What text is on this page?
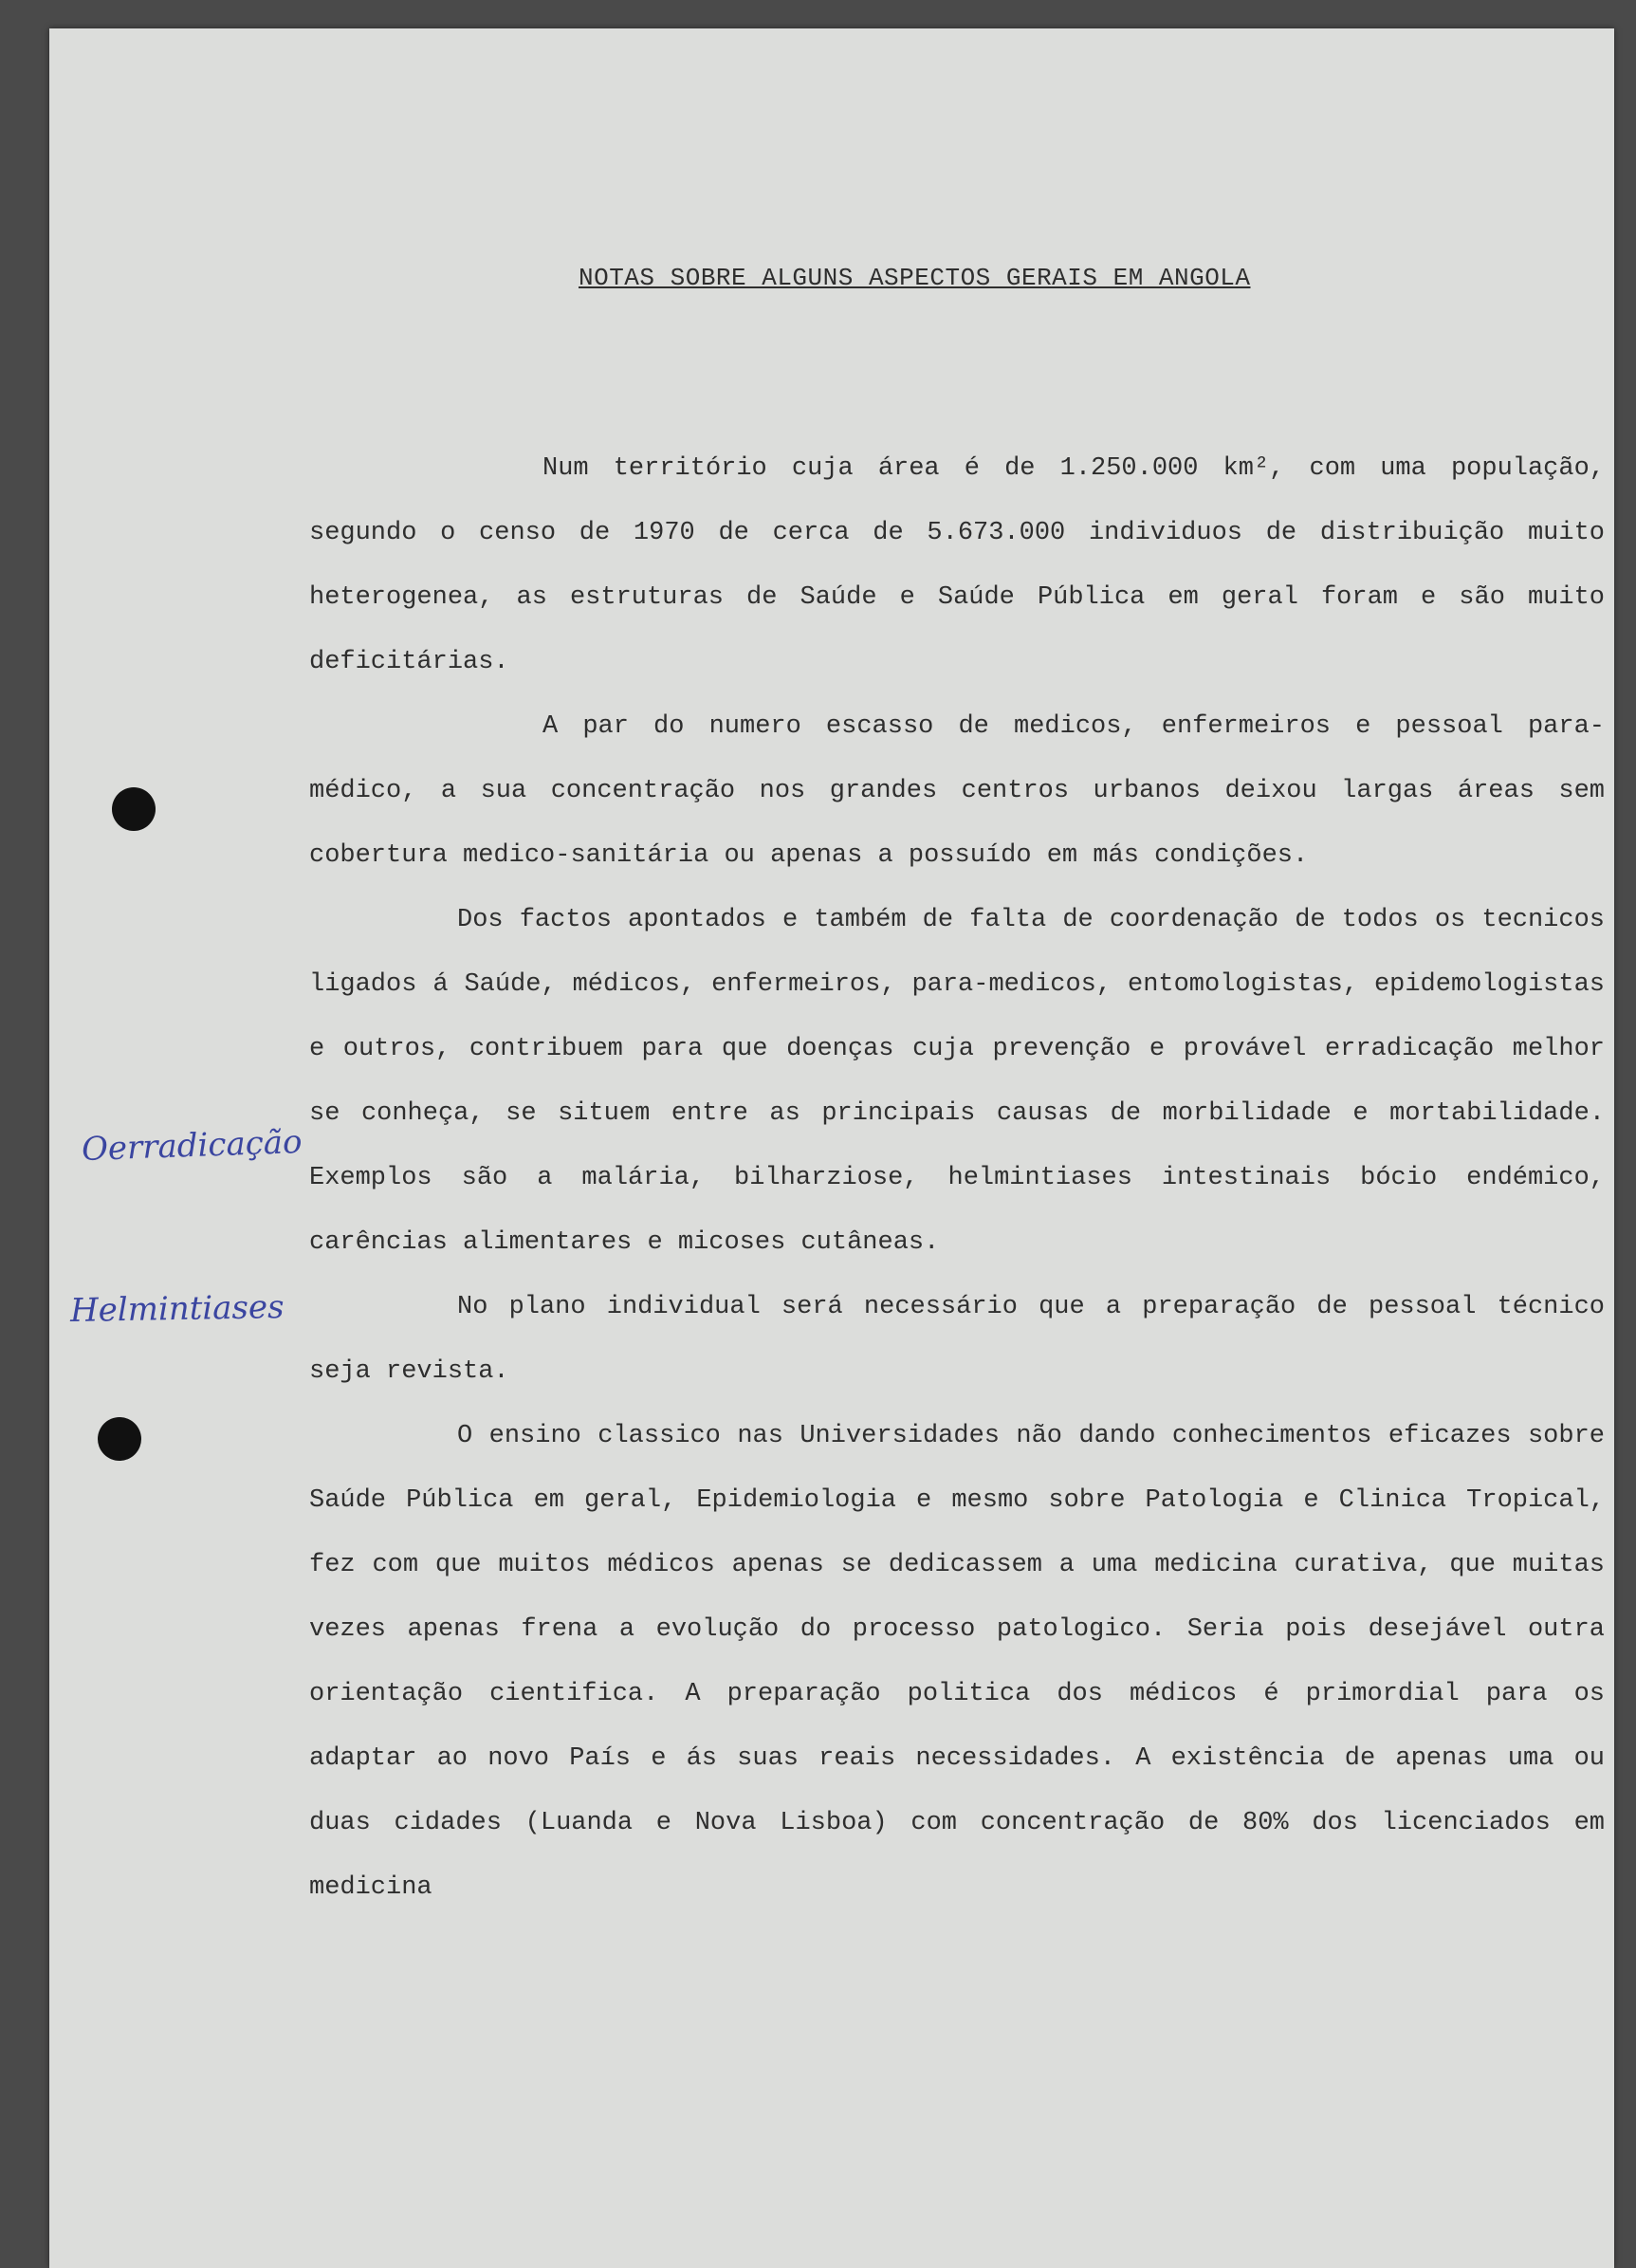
NOTAS SOBRE ALGUNS ASPECTOS GERAIS EM ANGOLA
Oerradicação
Helmintiases

Num território cuja área é de 1.250.000 km², com uma população, segundo o censo de 1970 de cerca de 5.673.000 individuos de distribuição muito heterogenea, as estruturas de Saúde e Saúde Pública em geral foram e são muito deficitárias.

A par do numero escasso de medicos, enfermeiros e pessoal para-médico, a sua concentração nos grandes centros urbanos deixou largas áreas sem cobertura medico-sanitária ou apenas a possuído em más condições.

Dos factos apontados e também de falta de coordenação de todos os tecnicos ligados á Saúde, médicos, enfermeiros, para-medicos, entomologistas, epidemologistas e outros, contribuem para que doenças cuja prevenção e provável erradicação melhor se conheça, se situem entre as principais causas de morbilidade e mortabilidade. Exemplos são a malária, bilharziose, helmintiases intestinais bócio endémico, carências alimentares e micoses cutâneas.

No plano individual será necessário que a preparação de pessoal técnico seja revista.

O ensino classico nas Universidades não dando conhecimentos eficazes sobre Saúde Pública em geral, Epidemiologia e mesmo sobre Patologia e Clinica Tropical, fez com que muitos médicos apenas se dedicassem a uma medicina curativa, que muitas vezes apenas frena a evolução do processo patologico. Seria pois desejável outra orientação cientifica. A preparação politica dos médicos é primordial para os adaptar ao novo País e ás suas reais necessidades. A existência de apenas uma ou duas cidades (Luanda e Nova Lisboa) com concentração de 80% dos licenciados em medicina
